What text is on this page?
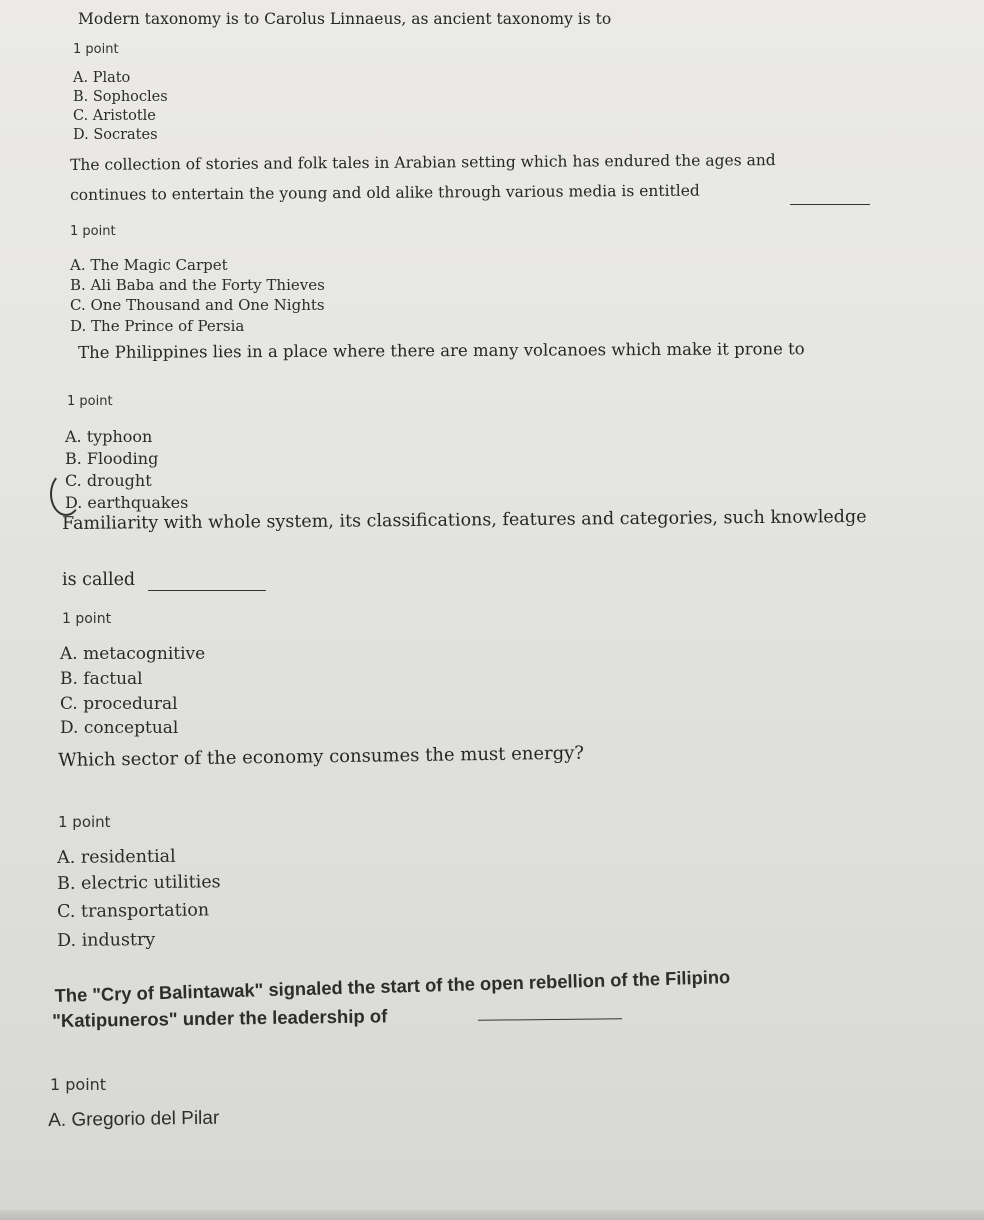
Modern taxonomy is to Carolus Linnaeus, as ancient taxonomy is to
1 point
A. Plato
B. Sophocles
C. Aristotle
D. Socrates
The collection of stories and folk tales in Arabian setting which has endured the ages and
continues to entertain the young and old alike through various media is entitled
1 point
A. The Magic Carpet
B. Ali Baba and the Forty Thieves
C. One Thousand and One Nights
D. The Prince of Persia
The Philippines lies in a place where there are many volcanoes which make it prone to
1 point
A. typhoon
B. Flooding
C. drought
D. earthquakes
Familiarity with whole system, its classifications, features and categories, such knowledge
is called
1 point
A. metacognitive
B. factual
C. procedural
D. conceptual
Which sector of the economy consumes the must energy?
1 point
A. residential
B. electric utilities
C. transportation
D. industry
The "Cry of Balintawak" signaled the start of the open rebellion of the Filipino
"Katipuneros" under the leadership of
1 point
A. Gregorio del Pilar
